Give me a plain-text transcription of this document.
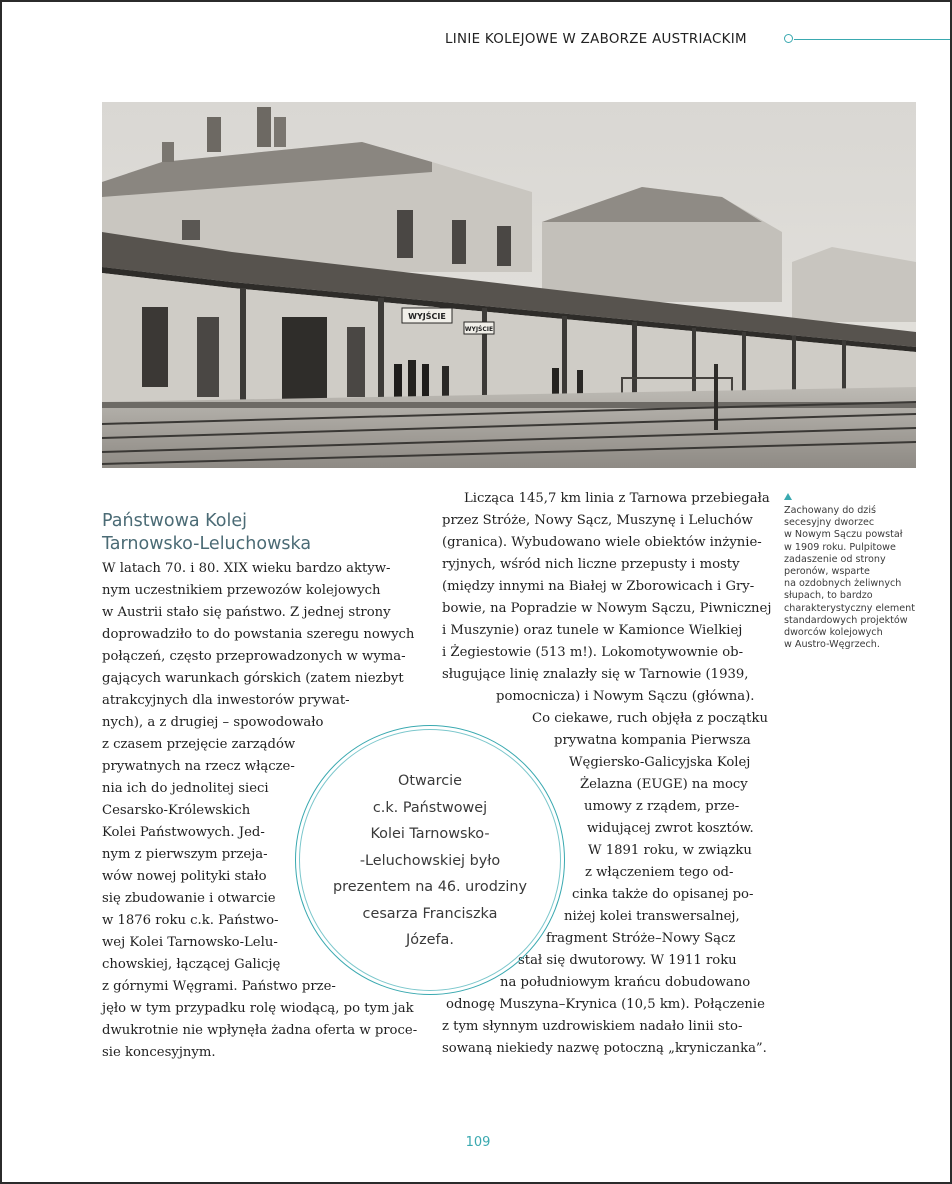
LINIE KOLEJOWE W ZABORZE AUSTRIACKIM
WYJŚCIE
WYJŚCIE
Państwowa Kolej
Tarnowsko-Leluchowska
W latach 70. i 80. XIX wieku bardzo aktyw-
nym uczestnikiem przewozów kolejowych
w Austrii stało się państwo. Z jednej strony
doprowadziło to do powstania szeregu nowych
połączeń, często przeprowadzonych w wyma-
gających warunkach górskich (zatem niezbyt
atrakcyjnych dla inwestorów prywat-
nych), a z drugiej – spowodowało
z czasem przejęcie zarządów
prywatnych na rzecz włącze-
nia ich do jednolitej sieci
Cesarsko-Królewskich
Kolei Państwowych. Jed-
nym z pierwszym przeja-
wów nowej polityki stało
się zbudowanie i otwarcie
w 1876 roku c.k. Państwo-
wej Kolei Tarnowsko-Lelu-
chowskiej, łączącej Galicję
z górnymi Węgrami. Państwo prze-
jęło w tym przypadku rolę wiodącą, po tym jak
dwukrotnie nie wpłynęła żadna oferta w proce-
sie koncesyjnym.
Licząca 145,7 km linia z Tarnowa przebiegała
przez Stróże, Nowy Sącz, Muszynę i Leluchów
(granica). Wybudowano wiele obiektów inżynie-
ryjnych, wśród nich liczne przepusty i mosty
(między innymi na Białej w Zborowicach i Gry-
bowie, na Popradzie w Nowym Sączu, Piwnicznej
i Muszynie) oraz tunele w Kamionce Wielkiej
i Żegiestowie (513 m!). Lokomotywownie ob-
sługujące linię znalazły się w Tarnowie (1939,
pomocnicza) i Nowym Sączu (główna).
Co ciekawe, ruch objęła z początku
prywatna kompania Pierwsza
Węgiersko-Galicyjska Kolej
Żelazna (EUGE) na mocy
umowy z rządem, prze-
widującej zwrot kosztów.
W 1891 roku, w związku
z włączeniem tego od-
cinka także do opisanej po-
niżej kolei transwersalnej,
fragment Stróże–Nowy Sącz
stał się dwutorowy. W 1911 roku
na południowym krańcu dobudowano
odnogę Muszyna–Krynica (10,5 km). Połączenie
z tym słynnym uzdrowiskiem nadało linii sto-
sowaną niekiedy nazwę potoczną „kryniczanka”.
Otwarcie
c.k. Państwowej
Kolei Tarnowsko-
-Leluchowskiej było
prezentem na 46. urodziny
cesarza Franciszka
Józefa.
Zachowany do dziś
secesyjny dworzec
w Nowym Sączu powstał
w 1909 roku. Pulpitowe
zadaszenie od strony
peronów, wsparte
na ozdobnych żeliwnych
słupach, to bardzo
charakterystyczny element
standardowych projektów
dworców kolejowych
w Austro-Węgrzech.
109
